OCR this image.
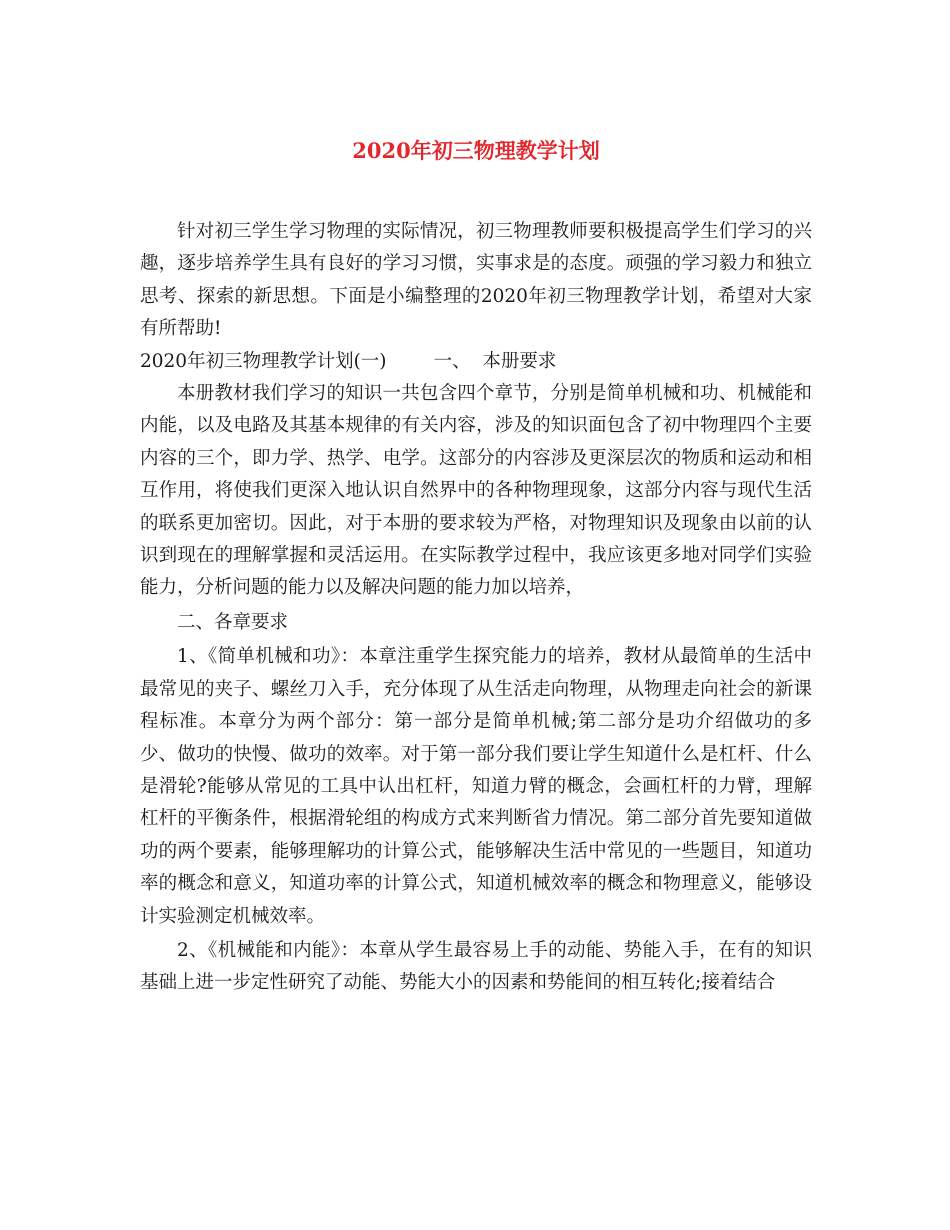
2020年初三物理教学计划

针对初三学生学习物理的实际情况，初三物理教师要积极提高学生们学习的兴趣，逐步培养学生具有良好的学习习惯，实事求是的态度。顽强的学习毅力和独立思考、探索的新思想。下面是小编整理的2020年初三物理教学计划，希望对大家有所帮助!

2020年初三物理教学计划(一)	一、  本册要求

本册教材我们学习的知识一共包含四个章节，分别是简单机械和功、机械能和内能，以及电路及其基本规律的有关内容，涉及的知识面包含了初中物理四个主要内容的三个，即力学、热学、电学。这部分的内容涉及更深层次的物质和运动和相互作用，将使我们更深入地认识自然界中的各种物理现象，这部分内容与现代生活的联系更加密切。因此，对于本册的要求较为严格，对物理知识及现象由以前的认识到现在的理解掌握和灵活运用。在实际教学过程中，我应该更多地对同学们实验能力，分析问题的能力以及解决问题的能力加以培养，

二、各章要求

1、《简单机械和功》：本章注重学生探究能力的培养，教材从最简单的生活中最常见的夹子、螺丝刀入手，充分体现了从生活走向物理，从物理走向社会的新课程标准。本章分为两个部分：第一部分是简单机械;第二部分是功介绍做功的多少、做功的快慢、做功的效率。对于第一部分我们要让学生知道什么是杠杆、什么是滑轮?能够从常见的工具中认出杠杆，知道力臂的概念，会画杠杆的力臂，理解杠杆的平衡条件，根据滑轮组的构成方式来判断省力情况。第二部分首先要知道做功的两个要素，能够理解功的计算公式，能够解决生活中常见的一些题目，知道功率的概念和意义，知道功率的计算公式，知道机械效率的概念和物理意义，能够设计实验测定机械效率。

2、《机械能和内能》：本章从学生最容易上手的动能、势能入手，在有的知识基础上进一步定性研究了动能、势能大小的因素和势能间的相互转化;接着结合
